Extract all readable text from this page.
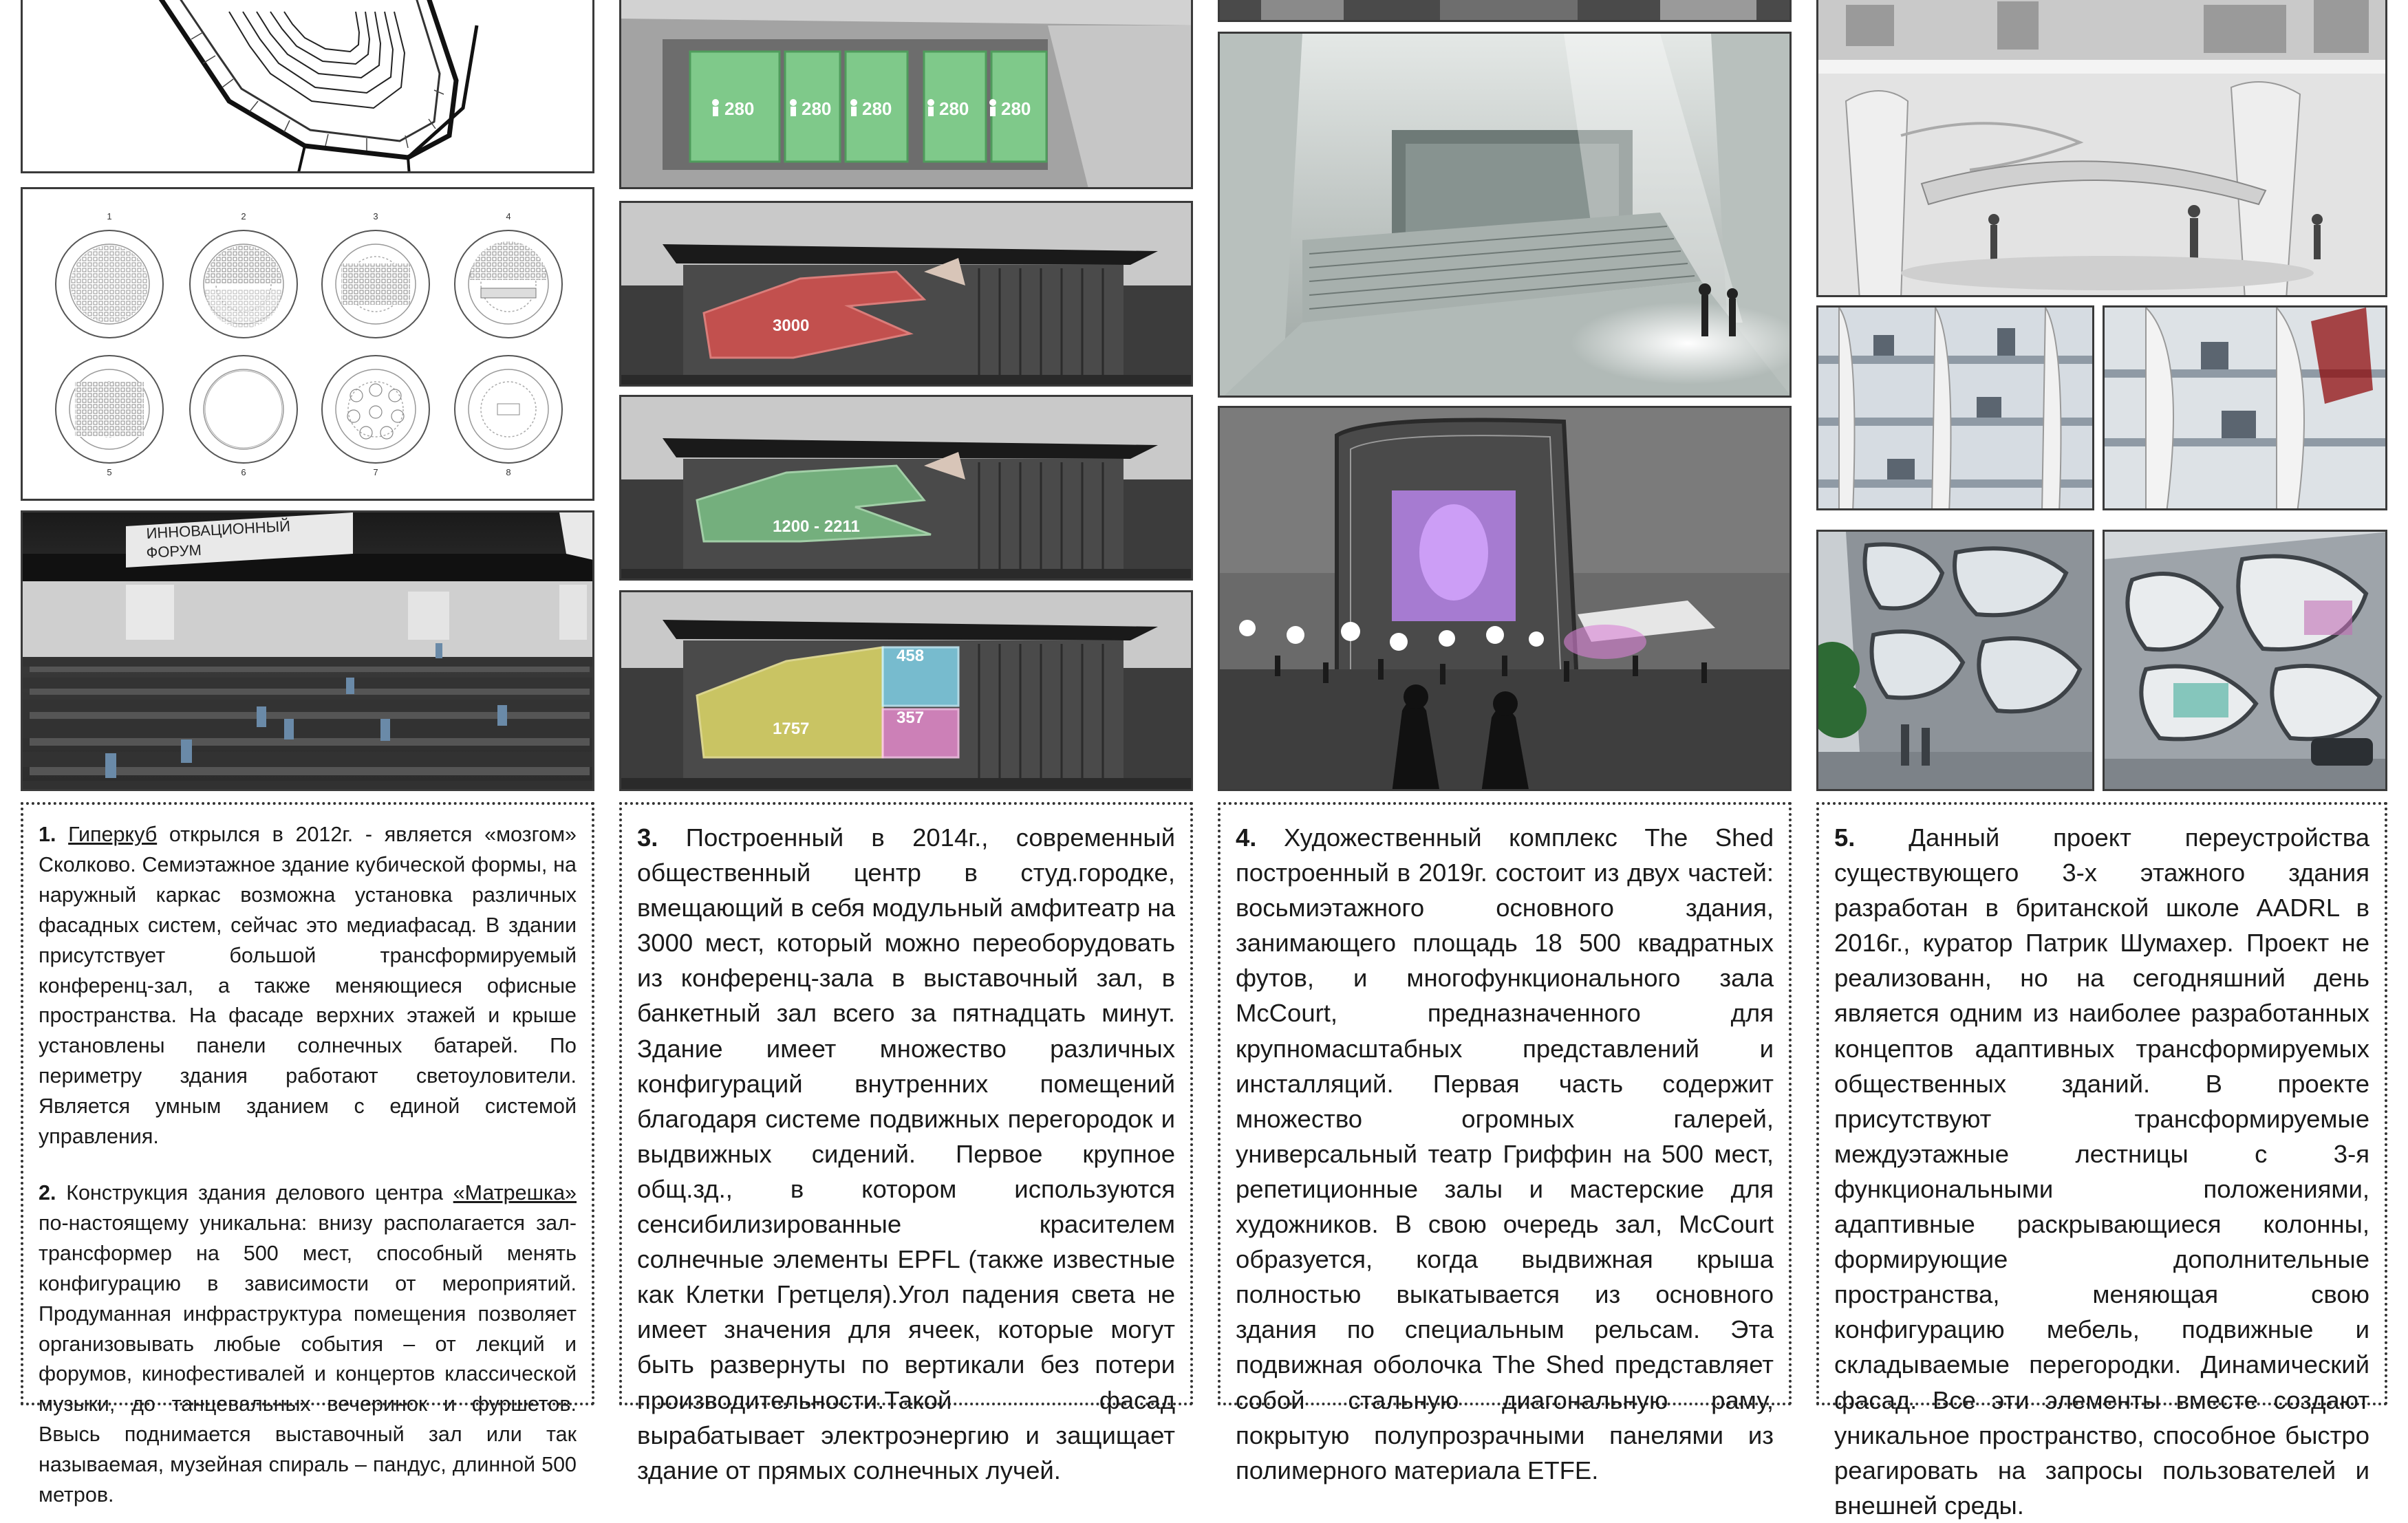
1	2	3	4
5	6	7	8
ИННОВАЦИОННЫЙ
ФОРУМ

1. Гиперкуб открылся в 2012г. - является «мозгом» Сколково. Семиэтажное здание кубической формы, на наружный каркас возможна установка различных фасадных систем, сейчас это медиафасад. В здании присутствует большой трансформируемый конференц-зал, а также меняющиеся офисные пространства. На фасаде верхних этажей и крыше установлены панели солнечных батарей. По периметру здания работают светоуловители. Является умным зданием с единой системой управления.

2. Конструкция здания делового центра «Матрешка» по-настоящему уникальна: внизу располагается зал-трансформер на 500 мест, способный менять конфигурацию в зависимости от мероприятий. Продуманная инфраструктура помещения позволяет организовывать любые события – от лекций и форумов, кинофестивалей и концертов классической музыки, до танцевальных вечеринок и фуршетов. Ввысь поднимается выставочный зал или так называемая, музейная спираль – пандус, длинной 500 метров.

280	280 280	280 280
3000
1200 - 2211
1757
458
357

3. Построенный в 2014г., современный общественный центр в студ.городке, вмещающий в себя модульный амфитеатр на 3000 мест, который можно переоборудовать из конференц-зала в выставочный зал, в банкетный зал всего за пятнадцать минут. Здание имеет множество различных конфигураций внутренних помещений благодаря системе подвижных перегородок и выдвижных сидений. Первое крупное общ.зд., в котором используются сенсибилизированные красителем солнечные элементы EPFL (также известные как Клетки Гретцеля).Угол падения света не имеет значения для ячеек, которые могут быть развернуты по вертикали без потери производительности.Такой фасад вырабатывает электроэнергию и защищает здание от прямых солнечных лучей.

4. Художественный комплекс The Shed построенный в 2019г. состоит из двух частей: восьмиэтажного основного здания, занимающего площадь 18 500 квадратных футов, и многофункционального зала McCourt, предназначенного для крупномасштабных представлений и инсталляций. Первая часть содержит множество огромных галерей, универсальный театр Гриффин на 500 мест, репетиционные залы и мастерские для художников. В свою очередь зал, McCourt образуется, когда выдвижная крыша полностью выкатывается из основного здания по специальным рельсам. Эта подвижная оболочка The Shed представляет собой стальную диагональную раму, покрытую полупрозрачными панелями из полимерного материала ETFE.

5. Данный проект переустройства существующего 3-х этажного здания разработан в британской школе AADRL в 2016г., куратор Патрик Шумахер. Проект не реализованн, но на сегодняшний день является одним из наиболее разработанных концептов адаптивных трансформируемых общественных зданий. В проекте присутствуют трансформируемые междуэтажные лестницы с 3-я функциональными положениями, адаптивные раскрывающиеся колонны, формирующие дополнительные пространства, меняющая свою конфигурацию мебель, подвижные и складываемые перегородки. Динамический фасад. Все эти элементы вместе создают уникальное пространство, способное быстро реагировать на запросы пользователей и внешней среды.
